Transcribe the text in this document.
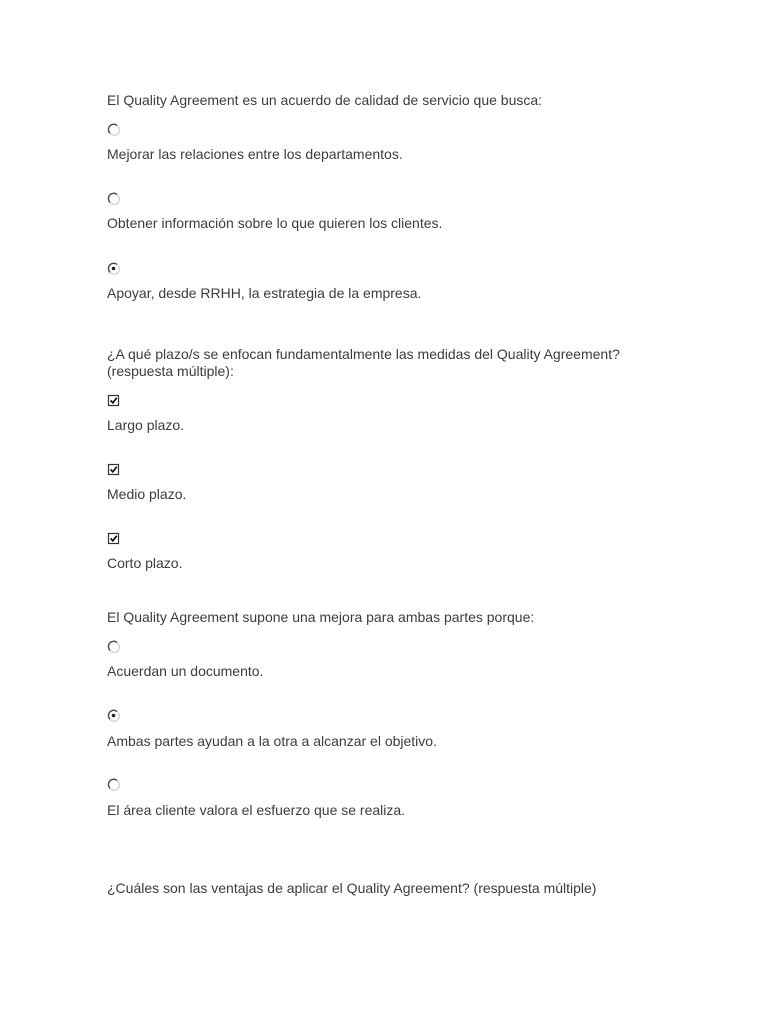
El Quality Agreement es un acuerdo de calidad de servicio que busca:
Mejorar las relaciones entre los departamentos.
Obtener información sobre lo que quieren los clientes.
Apoyar, desde RRHH, la estrategia de la empresa.
¿A qué plazo/s se enfocan fundamentalmente las medidas del Quality Agreement?
(respuesta múltiple):
Largo plazo.
Medio plazo.
Corto plazo.
El Quality Agreement supone una mejora para ambas partes porque:
Acuerdan un documento.
Ambas partes ayudan a la otra a alcanzar el objetivo.
El área cliente valora el esfuerzo que se realiza.
¿Cuáles son las ventajas de aplicar el Quality Agreement? (respuesta múltiple)
